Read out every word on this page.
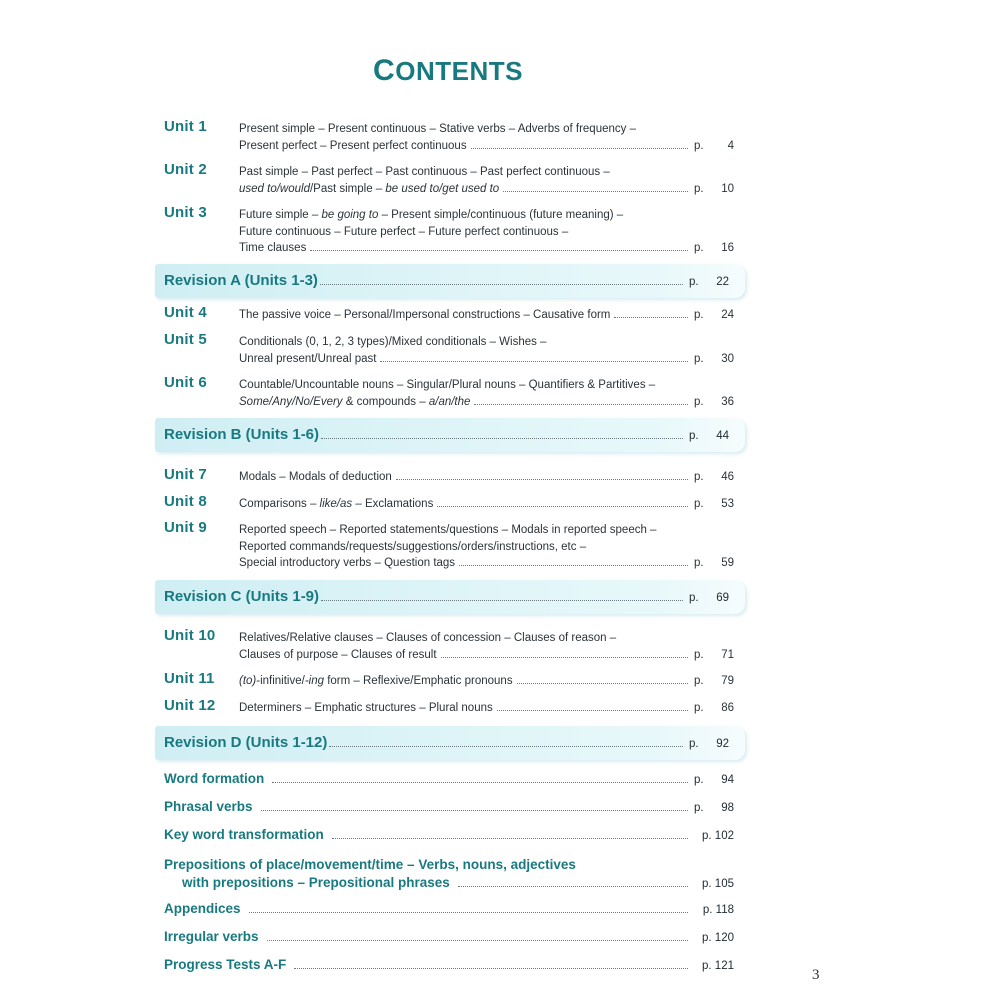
CONTENTS
Unit 1	Present simple – Present continuous – Stative verbs – Adverbs of frequency –
Present perfect – Present perfect continuous	p. 4
Unit 2	Past simple – Past perfect – Past continuous – Past perfect continuous –
used to/would/Past simple – be used to/get used to	p. 10
Unit 3	Future simple – be going to – Present simple/continuous (future meaning) –
Future continuous – Future perfect – Future perfect continuous –
Time clauses	p. 16
Revision A (Units 1-3)	p. 22
Unit 4	The passive voice – Personal/Impersonal constructions – Causative form	p. 24
Unit 5	Conditionals (0, 1, 2, 3 types)/Mixed conditionals – Wishes –
Unreal present/Unreal past	p. 30
Unit 6	Countable/Uncountable nouns – Singular/Plural nouns – Quantifiers & Partitives –
Some/Any/No/Every & compounds – a/an/the	p. 36
Revision B (Units 1-6)	p. 44
Unit 7	Modals – Modals of deduction	p. 46
Unit 8	Comparisons – like/as – Exclamations	p. 53
Unit 9	Reported speech – Reported statements/questions – Modals in reported speech –
Reported commands/requests/suggestions/orders/instructions, etc –
Special introductory verbs – Question tags	p. 59
Revision C (Units 1-9)	p. 69
Unit 10 Relatives/Relative clauses – Clauses of concession – Clauses of reason –
Clauses of purpose – Clauses of result	p. 71
Unit 11 (to)-infinitive/-ing form – Reflexive/Emphatic pronouns	p. 79
Unit 12 Determiners – Emphatic structures – Plural nouns	p. 86
Revision D (Units 1-12)	p. 92
Word formation	p. 94
Phrasal verbs	p. 98
Key word transformation	p. 102
Prepositions of place/movement/time – Verbs, nouns, adjectives
with prepositions – Prepositional phrases	p. 105
Appendices	p. 118
Irregular verbs	p. 120
Progress Tests A-F	p. 121
3
